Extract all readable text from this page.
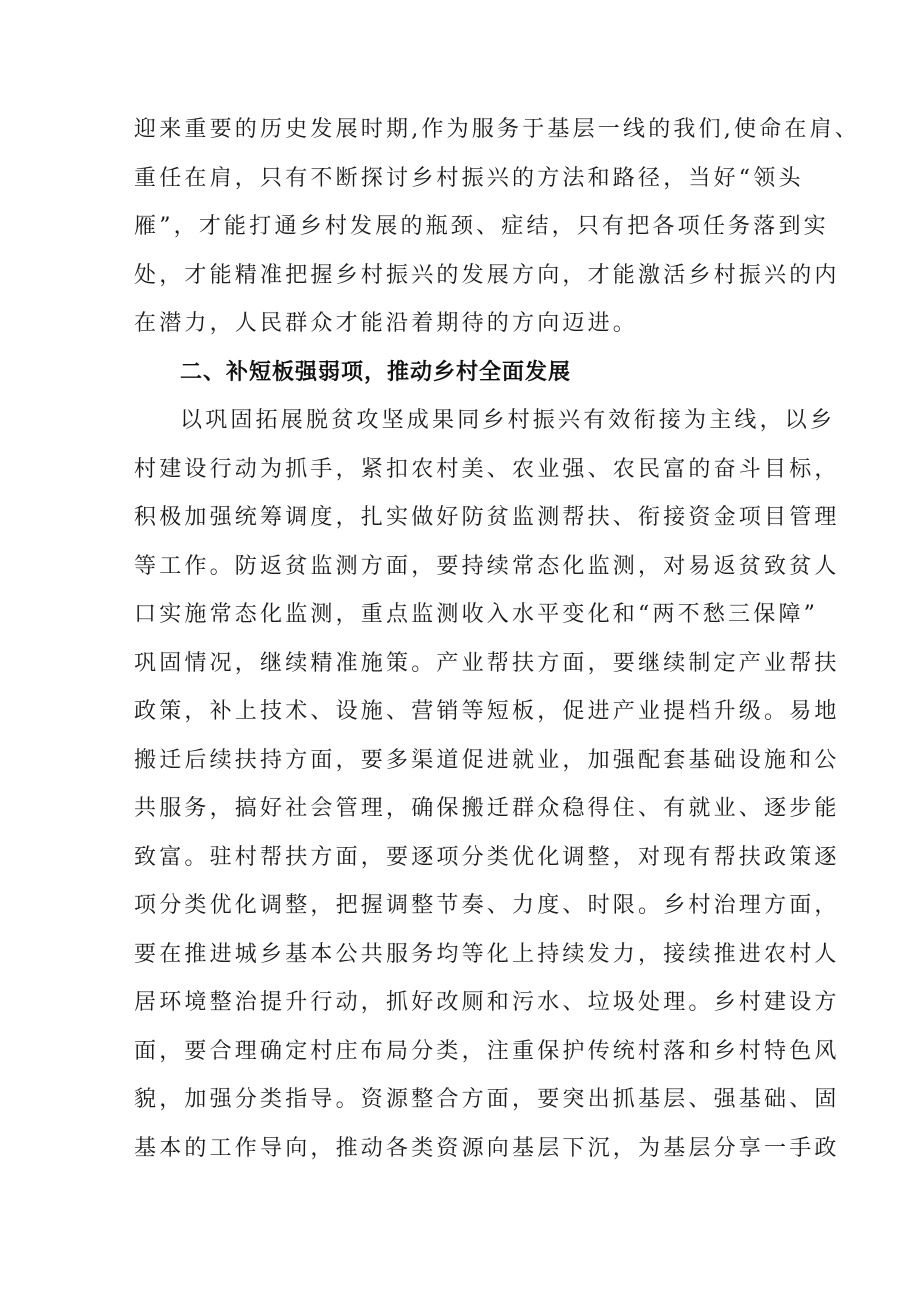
迎来重要的历史发展时期,作为服务于基层一线的我们,使命在肩、
重任在肩，只有不断探讨乡村振兴的方法和路径，当好“领头
雁”，才能打通乡村发展的瓶颈、症结，只有把各项任务落到实
处，才能精准把握乡村振兴的发展方向，才能激活乡村振兴的内
在潜力，人民群众才能沿着期待的方向迈进。
二、补短板强弱项，推动乡村全面发展
以巩固拓展脱贫攻坚成果同乡村振兴有效衔接为主线，以乡
村建设行动为抓手，紧扣农村美、农业强、农民富的奋斗目标，
积极加强统筹调度，扎实做好防贫监测帮扶、衔接资金项目管理
等工作。防返贫监测方面，要持续常态化监测，对易返贫致贫人
口实施常态化监测，重点监测收入水平变化和“两不愁三保障”
巩固情况，继续精准施策。产业帮扶方面，要继续制定产业帮扶
政策，补上技术、设施、营销等短板，促进产业提档升级。易地
搬迁后续扶持方面，要多渠道促进就业，加强配套基础设施和公
共服务，搞好社会管理，确保搬迁群众稳得住、有就业、逐步能
致富。驻村帮扶方面，要逐项分类优化调整，对现有帮扶政策逐
项分类优化调整，把握调整节奏、力度、时限。乡村治理方面，
要在推进城乡基本公共服务均等化上持续发力，接续推进农村人
居环境整治提升行动，抓好改厕和污水、垃圾处理。乡村建设方
面，要合理确定村庄布局分类，注重保护传统村落和乡村特色风
貌，加强分类指导。资源整合方面，要突出抓基层、强基础、固
基本的工作导向，推动各类资源向基层下沉，为基层分享一手政
